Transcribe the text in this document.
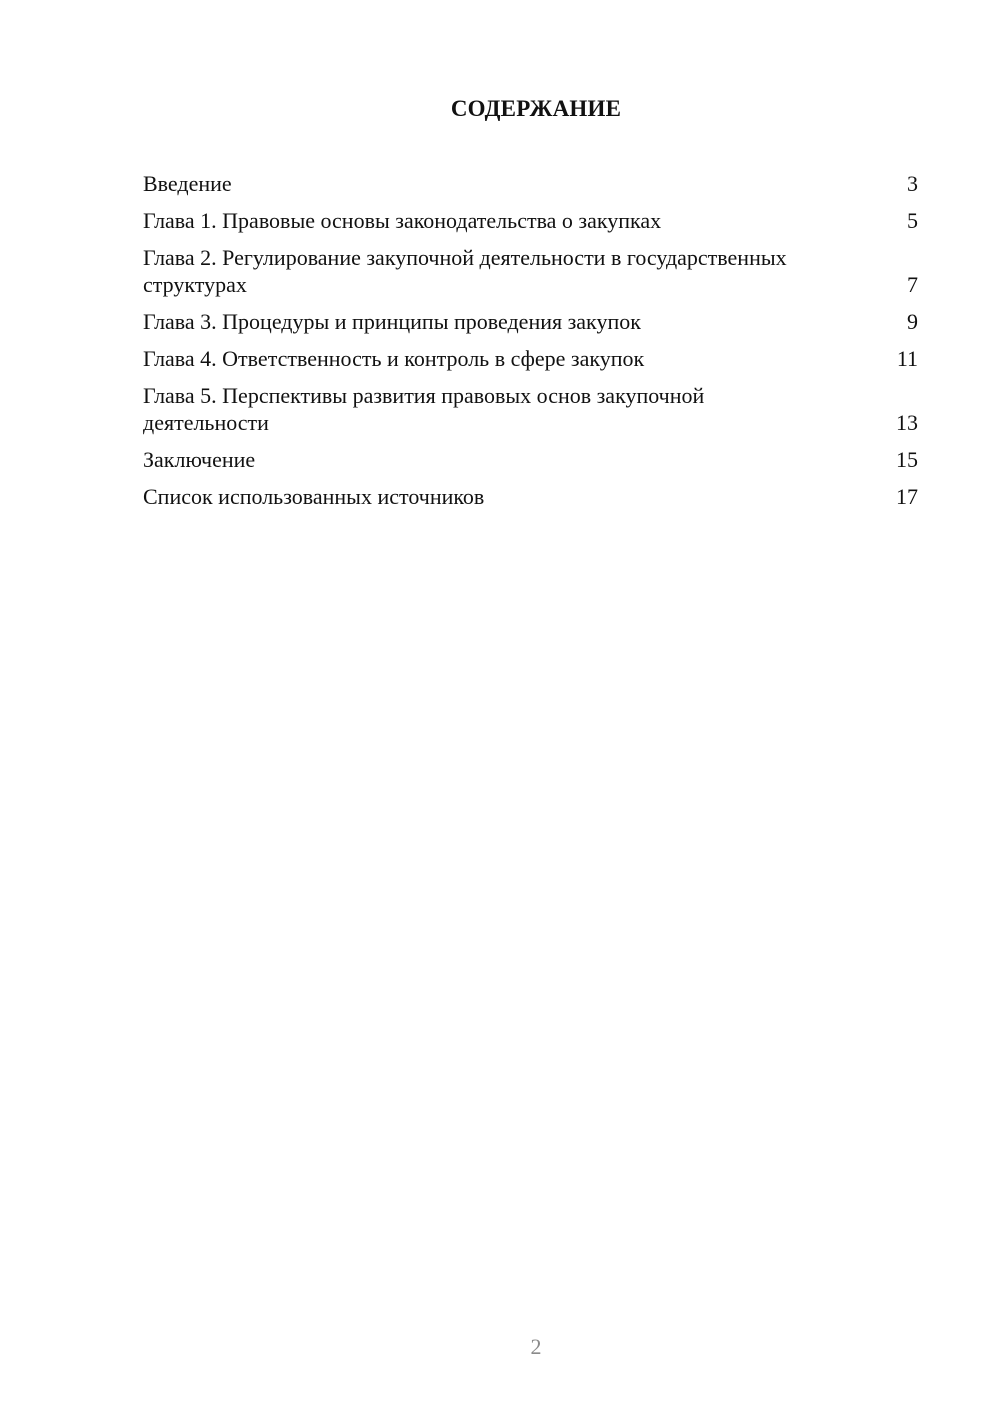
СОДЕРЖАНИЕ
Введение	3
Глава 1. Правовые основы законодательства о закупках	5
Глава 2. Регулирование закупочной деятельности в государственных структурах	7
Глава 3. Процедуры и принципы проведения закупок	9
Глава 4. Ответственность и контроль в сфере закупок	11
Глава 5. Перспективы развития правовых основ закупочной деятельности	13
Заключение	15
Список использованных источников	17
2
